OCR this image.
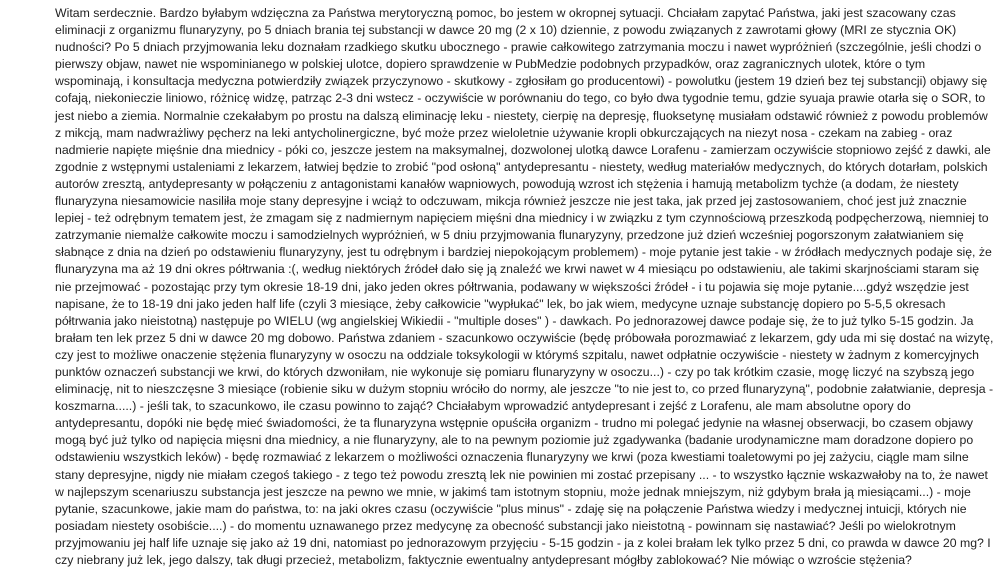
Witam serdecznie. Bardzo byłabym wdzięczna za Państwa merytoryczną pomoc, bo jestem w okropnej sytuacji. Chciałam zapytać Państwa, jaki jest szacowany czas eliminacji z organizmu flunaryzyny, po 5 dniach brania tej substancji w dawce 20 mg (2 x 10) dziennie, z powodu związanych z zawrotami głowy (MRI ze stycznia OK) nudności? Po 5 dniach przyjmowania leku doznałam rzadkiego skutku ubocznego - prawie całkowitego zatrzymania moczu i nawet wypróżnień (szczególnie, jeśli chodzi o pierwszy objaw, nawet nie wspominianego w polskiej ulotce, dopiero sprawdzenie w PubMedzie podobnych przypadków, oraz zagranicznych ulotek, które o tym wspominają, i konsultacja medyczna potwierdziły związek przyczynowo - skutkowy - zgłosiłam go producentowi) - powolutku (jestem 19 dzień bez tej substancji) objawy się cofają, niekonieczie liniowo, różnicę widzę, patrząc 2-3 dni wstecz - oczywiście w porównaniu do tego, co było dwa tygodnie temu, gdzie syuaja prawie otarła się o SOR, to jest niebo a ziemia. Normalnie czekałabym po prostu na dalszą eliminację leku - niestety, cierpię na depresję, fluoksetynę musiałam odstawić również z powodu problemów z mikcją, mam nadwrażliwy pęcherz na leki antycholinergiczne, być może przez wieloletnie używanie kropli obkurczających na niezyt nosa - czekam na zabieg - oraz nadmierie napięte mięśnie dna miednicy - póki co, jeszcze jestem na maksymalnej, dozwolonej ulotką dawce Lorafenu - zamierzam oczywiście stopniowo zejść z dawki, ale zgodnie z wstępnymi ustaleniami z lekarzem, łatwiej będzie to zrobić "pod osłoną" antydepresantu - niestety, według materiałów medycznych, do których dotarłam, polskich autorów zresztą, antydepresanty w połączeniu z antagonistami kanałów wapniowych, powodują wzrost ich stężenia i hamują metabolizm tychże (a dodam, że niestety flunaryzyna niesamowicie nasiliła moje stany depresyjne i wciąż to odczuwam, mikcja również jeszcze nie jest taka, jak przed jej zastosowaniem, choć jest już znacznie lepiej - też odrębnym tematem jest, że zmagam się z nadmiernym napięciem mięśni dna miednicy i w związku z tym czynnościową przeszkodą podpęcherzową, niemniej to zatrzymanie niemalże całkowite moczu i samodzielnych wypróżnień, w 5 dniu przyjmowania flunaryzyny, przedzone już dzień wcześniej pogorszonym załatwianiem się słabnące z dnia na dzień po odstawieniu flunaryzyny, jest tu odrębnym i bardziej niepokojącym problemem) - moje pytanie jest takie - w źródłach medycznych podaje się, że flunaryzyna ma aż 19 dni okres półtrwania :(, według niektórych źródeł dało się ją znaleźć we krwi nawet w 4 miesiącu po odstawieniu, ale takimi skarjnościami staram się nie przejmować - pozostając przy tym okresie 18-19 dni, jako jeden okres półtrwania, podawany w większości źródeł - i tu pojawia się moje pytanie....gdyż wszędzie jest napisane, że to 18-19 dni jako jeden half life (czyli 3 miesiące, żeby całkowicie "wypłukać" lek, bo jak wiem, medycyne uznaje substancję dopiero po 5-5,5 okresach półtrwania jako nieistotną) następuje po WIELU (wg angielskiej Wikiedii - "multiple doses" ) - dawkach. Po jednorazowej dawce podaje się, że to już tylko 5-15 godzin. Ja brałam ten lek przez 5 dni w dawce 20 mg dobowo. Państwa zdaniem - szacunkowo oczywiście (będę próbowała porozmawiać z lekarzem, gdy uda mi się dostać na wizytę, czy jest to możliwe onaczenie stężenia flunaryzyny w osoczu na oddziale toksykologii w którymś szpitalu, nawet odpłatnie oczywiście - niestety w żadnym z komercyjnych punktów oznaczeń substancji we krwi, do których dzwoniłam, nie wykonuje się pomiaru flunaryzyny w osoczu...) - czy po tak krótkim czasie, mogę liczyć na szybszą jego eliminację, nit to nieszczęsne 3 miesiące (robienie siku w dużym stopniu wróciło do normy, ale jeszcze "to nie jest to, co przed flunaryzyną", podobnie załatwianie, depresja - koszmarna.....) - jeśli tak, to szacunkowo, ile czasu powinno to zająć? Chciałabym wprowadzić antydepresant i zejść z Lorafenu, ale mam absolutne opory do antydepresantu, dopóki nie będę mieć świadomości, że ta flunaryzyna wstępnie opuściła organizm - trudno mi polegać jedynie na własnej obserwacji, bo czasem objawy mogą być już tylko od napięcia mięsni dna miednicy, a nie flunaryzyny, ale to na pewnym poziomie już zgadywanka (badanie urodynamiczne mam doradzone dopiero po odstawieniu wszystkich leków) - będę rozmawiać z lekarzem o możliwości oznaczenia flunaryzyny we krwi (poza kwestiami toaletowymi po jej zażyciu, ciągle mam silne stany depresyjne, nigdy nie miałam czegoś takiego - z tego też powodu zresztą lek nie powinien mi zostać przepisany ... - to wszystko łącznie wskazwałoby na to, że nawet w najlepszym scenariuszu substancja jest jeszcze na pewno we mnie, w jakimś tam istotnym stopniu, może jednak mniejszym, niż gdybym brała ją miesiącami...) - moje pytanie, szacunkowe, jakie mam do państwa, to: na jaki okres czasu (oczywiście "plus minus" - zdaję się na połączenie Państwa wiedzy i medycznej intuicji, których nie posiadam niestety osobiście....) - do momentu uznawanego przez medycynę za obecność substancji jako nieistotną - powinnam się nastawiać? Jeśli po wielokrotnym przyjmowaniu jej half life uznaje się jako aż 19 dni, natomiast po jednorazowym przyjęciu - 5-15 godzin - ja z kolei brałam lek tylko przez 5 dni, co prawda w dawce 20 mg? I czy niebrany już lek, jego dalszy, tak długi przecież, metabolizm, faktycznie ewentualny antydepresant mógłby zablokować? Nie mówiąc o wzroście stężenia?
